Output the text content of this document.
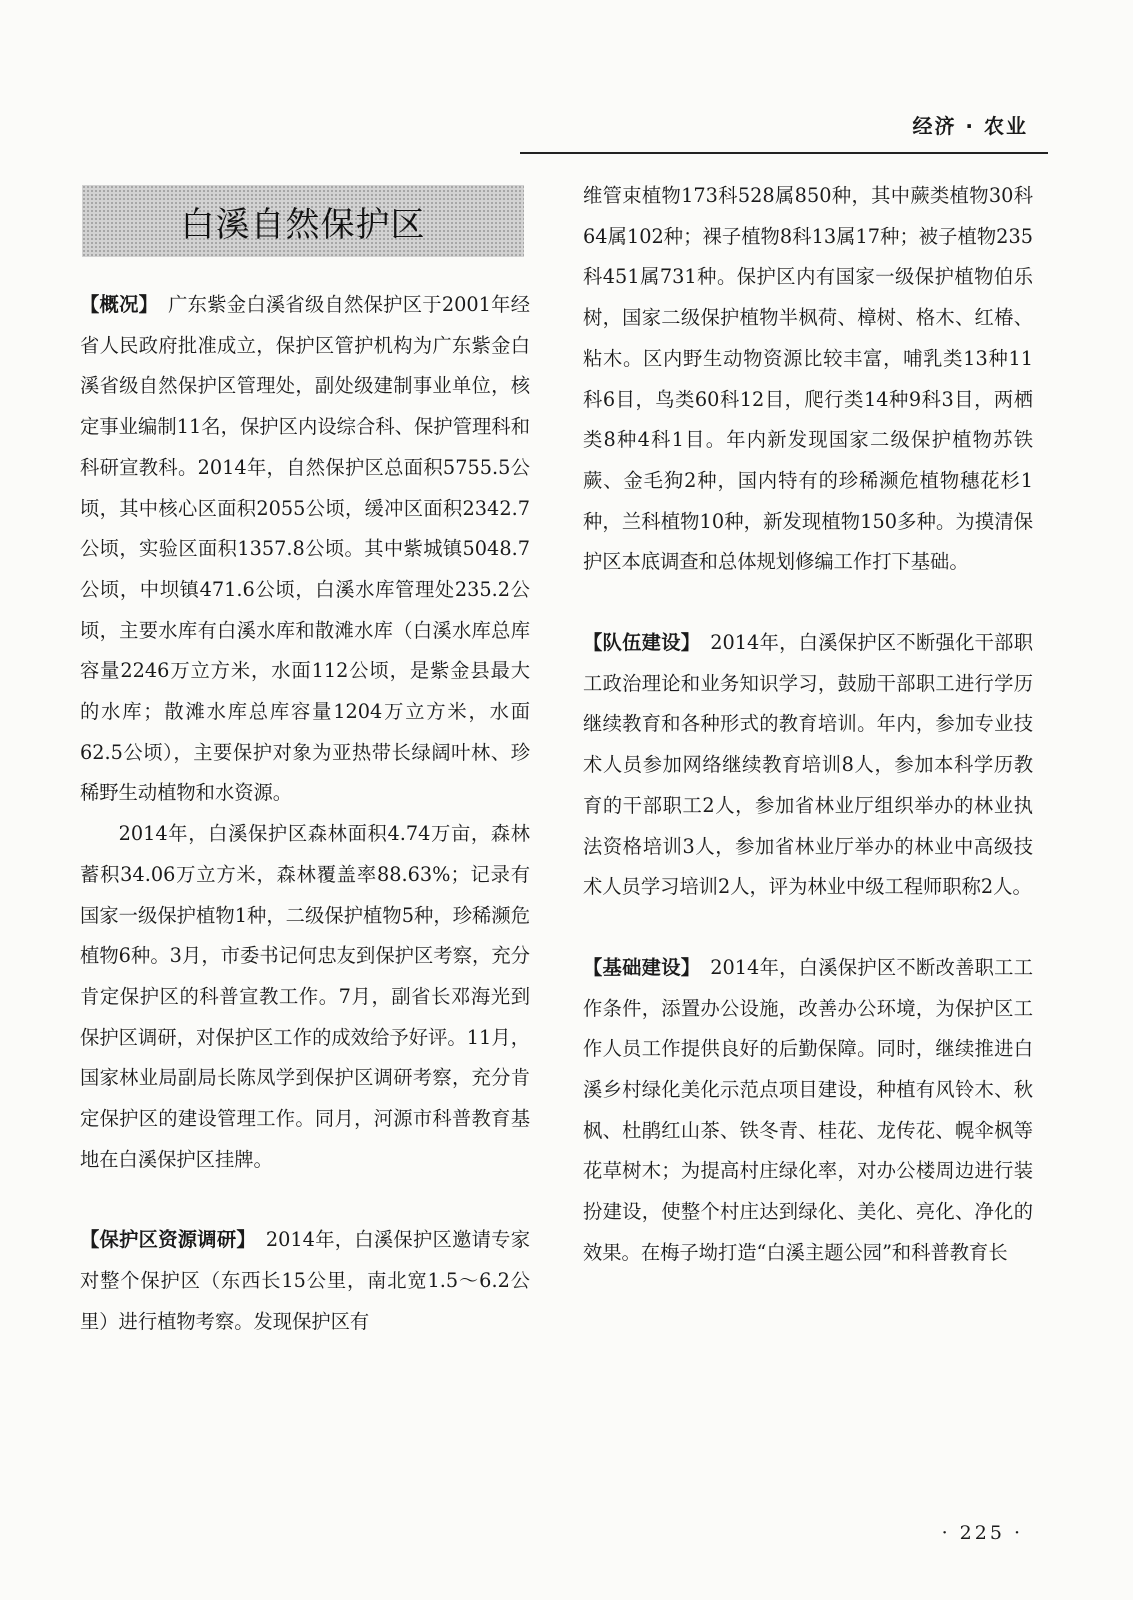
经济 · 农业
白溪自然保护区

【概况】　 广东紫金白溪省级自然保护区于2001年经省人民政府批准成立，保护区管护机构为广东紫金白溪省级自然保护区管理处，副处级建制事业单位，核定事业编制11名，保护区内设综合科、保护管理科和科研宣教科。2014年，自然保护区总面积5755.5公顷，其中核心区面积2055公顷，缓冲区面积2342.7公顷，实验区面积1357.8公顷。其中紫城镇5048.7公顷，中坝镇471.6公顷，白溪水库管理处235.2公顷，主要水库有白溪水库和散滩水库（白溪水库总库容量2246万立方米，水面112公顷，是紫金县最大的水库；散滩水库总库容量1204万立方米，水面62.5公顷），主要保护对象为亚热带长绿阔叶林、珍稀野生动植物和水资源。

2014年，白溪保护区森林面积4.74万亩，森林蓄积34.06万立方米，森林覆盖率88.63%；记录有国家一级保护植物1种，二级保护植物5种，珍稀濒危植物6种。3月，市委书记何忠友到保护区考察，充分肯定保护区的科普宣教工作。7月，副省长邓海光到保护区调研，对保护区工作的成效给予好评。11月，国家林业局副局长陈凤学到保护区调研考察，充分肯定保护区的建设管理工作。同月，河源市科普教育基地在白溪保护区挂牌。

【保护区资源调研】　 2014年，白溪保护区邀请专家对整个保护区（东西长15公里，南北宽1.5～6.2公里）进行植物考察。发现保护区有

维管束植物173科528属850种，其中蕨类植物30科64属102种；裸子植物8科13属17种；被子植物235科451属731种。保护区内有国家一级保护植物伯乐树，国家二级保护植物半枫荷、樟树、格木、红椿、粘木。区内野生动物资源比较丰富，哺乳类13种11科6目，鸟类60科12目，爬行类14种9科3目，两栖类8种4科1目。年内新发现国家二级保护植物苏铁蕨、金毛狗2种，国内特有的珍稀濒危植物穗花杉1种，兰科植物10种，新发现植物150多种。为摸清保护区本底调查和总体规划修编工作打下基础。

【队伍建设】　 2014年，白溪保护区不断强化干部职工政治理论和业务知识学习，鼓励干部职工进行学历继续教育和各种形式的教育培训。年内，参加专业技术人员参加网络继续教育培训8人，参加本科学历教育的干部职工2人，参加省林业厅组织举办的林业执法资格培训3人，参加省林业厅举办的林业中高级技术人员学习培训2人，评为林业中级工程师职称2人。

【基础建设】　 2014年，白溪保护区不断改善职工工作条件，添置办公设施，改善办公环境，为保护区工作人员工作提供良好的后勤保障。同时，继续推进白溪乡村绿化美化示范点项目建设，种植有风铃木、秋枫、杜鹃红山茶、铁冬青、桂花、龙传花、幌伞枫等花草树木；为提高村庄绿化率，对办公楼周边进行装扮建设，使整个村庄达到绿化、美化、亮化、净化的效果。在梅子坳打造“白溪主题公园”和科普教育长

· 225 ·
